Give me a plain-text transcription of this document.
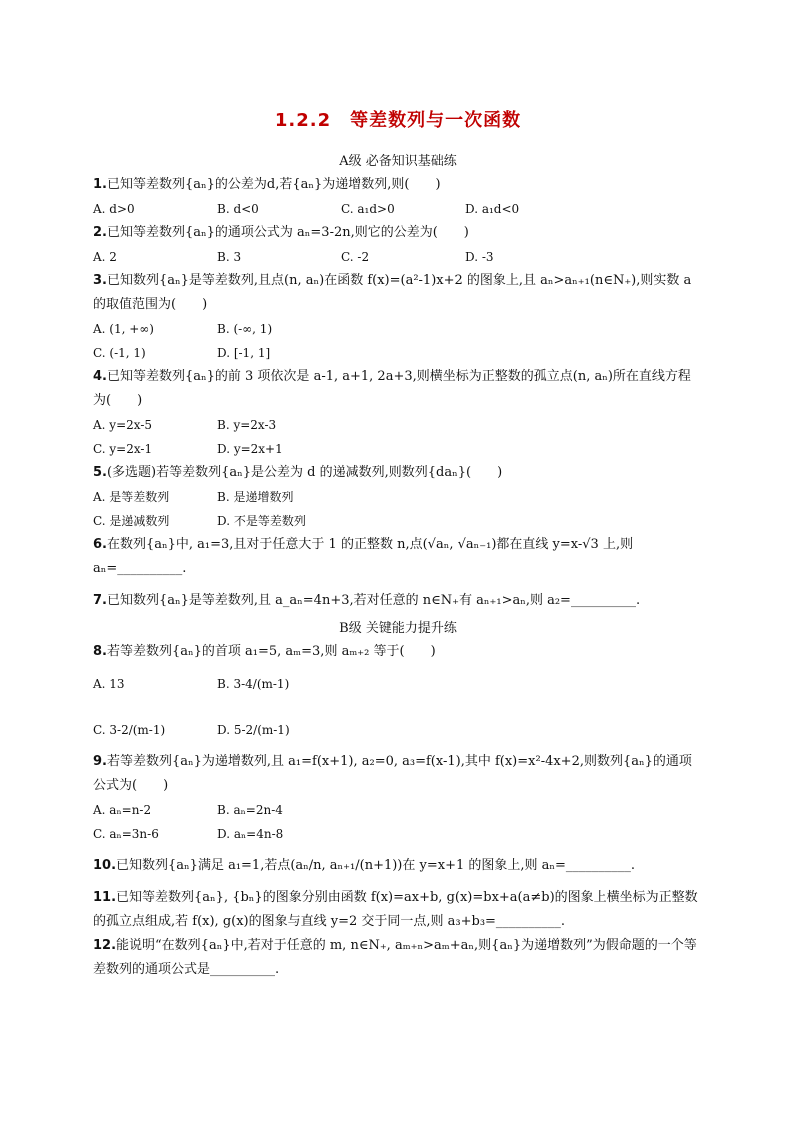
1.2.2　等差数列与一次函数
A级 必备知识基础练

1.已知等差数列{aₙ}的公差为d,若{aₙ}为递增数列,则(　　)

A. d>0	B. d<0	C. a₁d>0	D. a₁d<0

2.已知等差数列{aₙ}的通项公式为 aₙ=3-2n,则它的公差为(　　)

A. 2	B. 3	C. -2	D. -3

3.已知数列{aₙ}是等差数列,且点(n, aₙ)在函数 f(x)=(a²-1)x+2 的图象上,且 aₙ>aₙ₊₁(n∈N₊),则实数 a 的取值范围为(　　)

A. (1, +∞)	B. (-∞, 1)
C. (-1, 1)	D. [-1, 1]

4.已知等差数列{aₙ}的前 3 项依次是 a-1, a+1, 2a+3,则横坐标为正整数的孤立点(n, aₙ)所在直线方程为(　　)

A. y=2x-5	B. y=2x-3
C. y=2x-1	D. y=2x+1

5.(多选题)若等差数列{aₙ}是公差为 d 的递减数列,则数列{daₙ}(　　)

A. 是等差数列	B. 是递增数列
C. 是递减数列	D. 不是等差数列

6.在数列{aₙ}中, a₁=3,且对于任意大于 1 的正整数 n,点(√aₙ, √aₙ₋₁)都在直线 y=x-√3 上,则 aₙ=__________.

7.已知数列{aₙ}是等差数列,且 a_aₙ=4n+3,若对任意的 n∈N₊有 aₙ₊₁>aₙ,则 a₂=__________.

B级 关键能力提升练

8.若等差数列{aₙ}的首项 a₁=5, aₘ=3,则 aₘ₊₂ 等于(　　)

A. 13	B. 3-4/(m-1)
C. 3-2/(m-1)	D. 5-2/(m-1)

9.若等差数列{aₙ}为递增数列,且 a₁=f(x+1), a₂=0, a₃=f(x-1),其中 f(x)=x²-4x+2,则数列{aₙ}的通项公式为(　　)

A. aₙ=n-2	B. aₙ=2n-4
C. aₙ=3n-6	D. aₙ=4n-8

10.已知数列{aₙ}满足 a₁=1,若点(aₙ/n, aₙ₊₁/(n+1))在 y=x+1 的图象上,则 aₙ=__________.

11.已知等差数列{aₙ}, {bₙ}的图象分别由函数 f(x)=ax+b, g(x)=bx+a(a≠b)的图象上横坐标为正整数的孤立点组成,若 f(x), g(x)的图象与直线 y=2 交于同一点,则 a₃+b₃=__________.

12.能说明“在数列{aₙ}中,若对于任意的 m, n∈N₊, aₘ₊ₙ>aₘ+aₙ,则{aₙ}为递增数列”为假命题的一个等差数列的通项公式是__________.
